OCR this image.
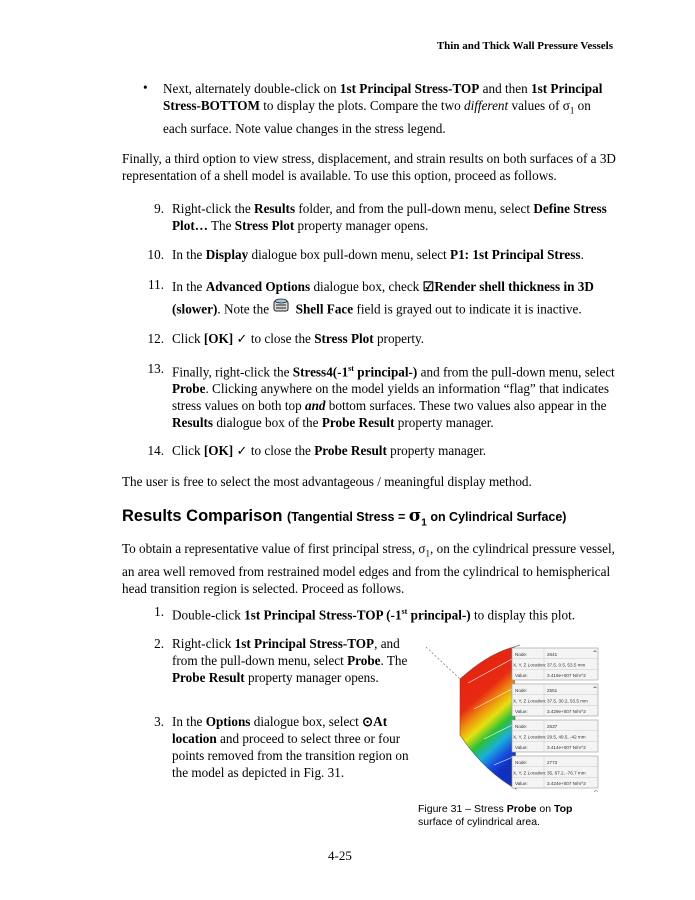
Thin and Thick Wall Pressure Vessels
• Next, alternately double-click on 1st Principal Stress-TOP and then 1st Principal Stress-BOTTOM to display the plots. Compare the two different values of $\sigma_1$ on each surface. Note value changes in the stress legend.
Finally, a third option to view stress, displacement, and strain results on both surfaces of a 3D representation of a shell model is available. To use this option, proceed as follows.
9. Right-click the Results folder, and from the pull-down menu, select Define Stress Plot… The Stress Plot property manager opens.
10. In the Display dialogue box pull-down menu, select P1: 1st Principal Stress.
11. In the Advanced Options dialogue box, check ☑Render shell thickness in 3D
(slower). Note the  Shell Face field is grayed out to indicate it is inactive.
12. Click [OK] ✓ to close the Stress Plot property.
13. Finally, right-click the Stress4(-1st principal-) and from the pull-down menu, select Probe. Clicking anywhere on the model yields an information “flag” that indicates stress values on both top and bottom surfaces. These two values also appear in the Results dialogue box of the Probe Result property manager.
14. Click [OK] ✓ to close the Probe Result property manager.
The user is free to select the most advantageous / meaningful display method.
Results Comparison (Tangential Stress = $\sigma_1$ on Cylindrical Surface)
To obtain a representative value of first principal stress, $\sigma_1$, on the cylindrical pressure vessel, an area well removed from restrained model edges and from the cylindrical to hemispherical head transition region is selected. Proceed as follows.
1. Double-click 1st Principal Stress-TOP (-1st principal-) to display this plot.
2. Right-click 1st Principal Stress-TOP, and from the pull-down menu, select Probe. The Probe Result property manager opens.
3. In the Options dialogue box, select ⊙At location and proceed to select three or four points removed from the transition region on the model as depicted in Fig. 31.
Node:	2641
X, Y, Z Location: 37.5, 0.5, 53.5 mm
Value:	3.419e+007 N/m^2
Node:	2551
X, Y, Z Location: 37.5, 30.2, 53.5 mm
Value:	3.429e+007 N/m^2
Node:	2537
X, Y, Z Location: 29.5, 49.5, -42 mm
Value:	3.414e+007 N/m^2
Node:	2773
X, Y, Z Location: 35, 67.2, -76.7 mm
Value:	3.424e+007 N/m^2
Figure 31 – Stress Probe on Top
surface of cylindrical area.
4-25
